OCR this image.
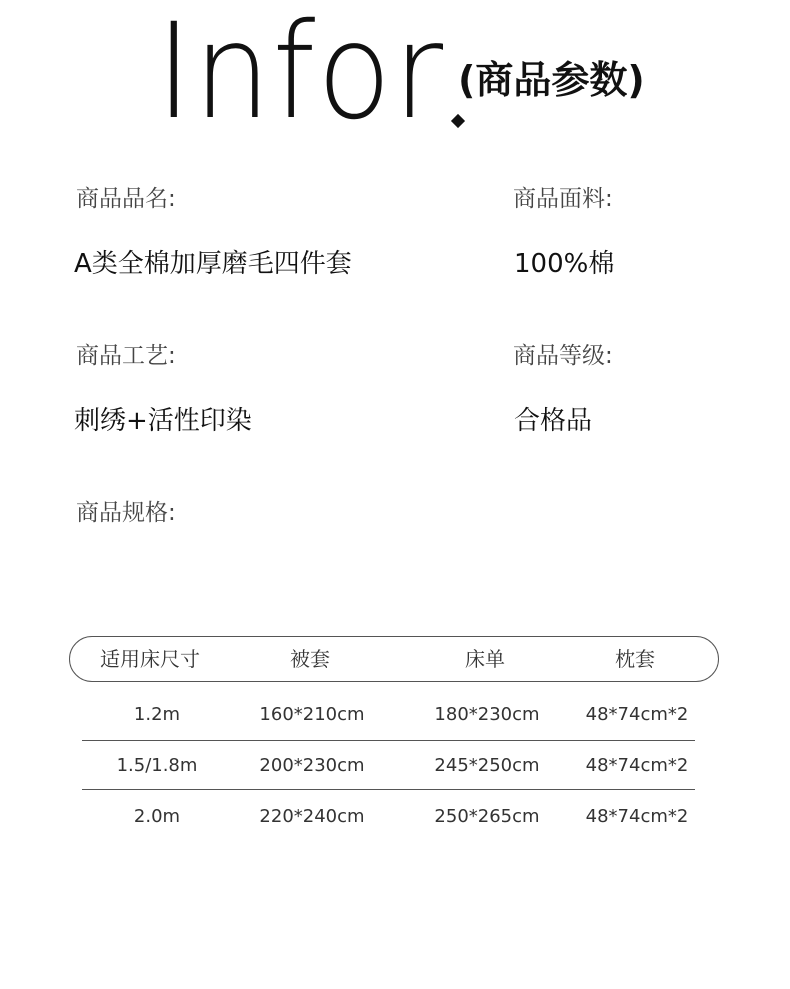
Infor (商品参数)
商品品名:
A类全棉加厚磨毛四件套
商品面料:
100%棉
商品工艺:
刺绣+活性印染
商品等级:
合格品
商品规格:
适用床尺寸	被套	床单	枕套
1.2m	160*210cm	180*230cm	48*74cm*2
1.5/1.8m	200*230cm	245*250cm	48*74cm*2
2.0m	220*240cm	250*265cm	48*74cm*2
